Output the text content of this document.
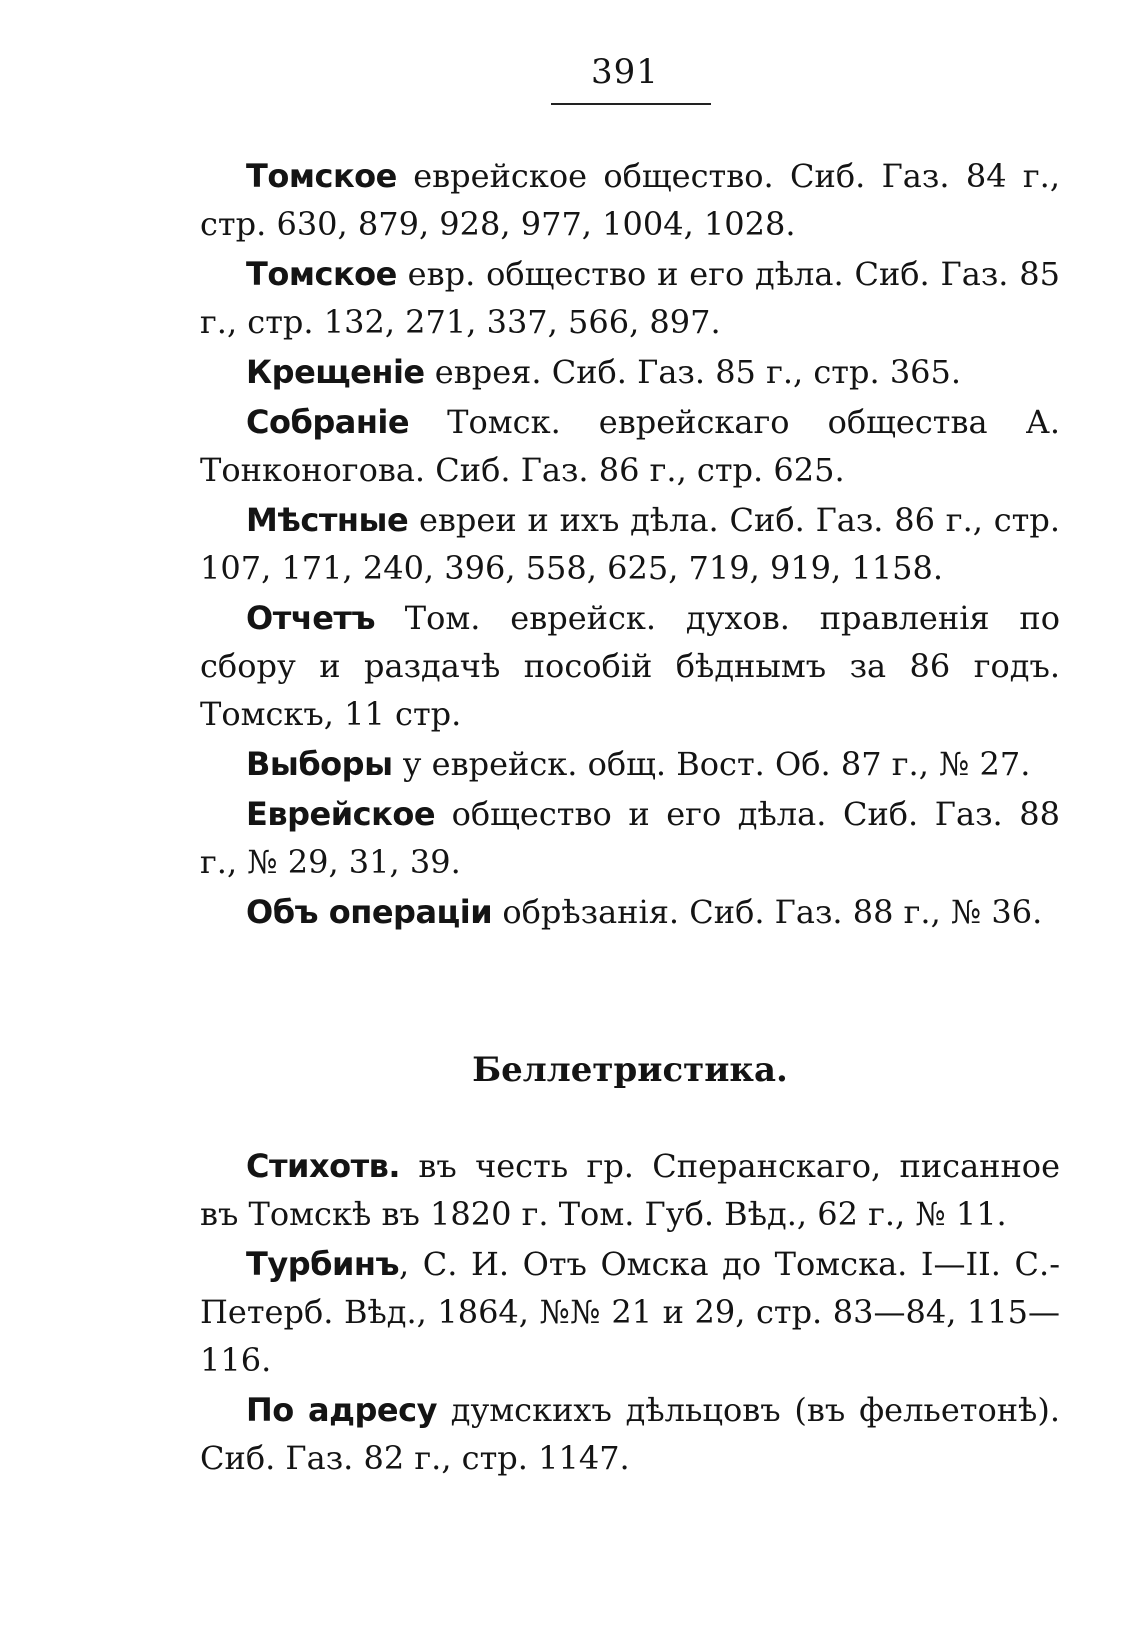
391

Томское еврейское общество. Сиб. Газ. 84 г., стр. 630, 879, 928, 977, 1004, 1028.

Томское евр. общество и его дѣла. Сиб. Газ. 85 г., стр. 132, 271, 337, 566, 897.

Крещеніе еврея. Сиб. Газ. 85 г., стр. 365.

Собраніе Томск. еврейскаго общества А. Тонконогова. Сиб. Газ. 86 г., стр. 625.

Мѣстные евреи и ихъ дѣла. Сиб. Газ. 86 г., стр. 107, 171, 240, 396, 558, 625, 719, 919, 1158.

Отчетъ Том. еврейск. духов. правленія по сбору и раздачѣ пособій бѣднымъ за 86 годъ. Томскъ, 11 стр.

Выборы у еврейск. общ. Вост. Об. 87 г., № 27.

Еврейское общество и его дѣла. Сиб. Газ. 88 г., № 29, 31, 39.

Объ операціи обрѣзанія. Сиб. Газ. 88 г., № 36.

Беллетристика.

Стихотв. въ честь гр. Сперанскаго, писанное въ Томскѣ въ 1820 г. Том. Губ. Вѣд., 62 г., № 11.

Турбинъ, С. И. Отъ Омска до Томска. I—II. С.-Петерб. Вѣд., 1864, №№ 21 и 29, стр. 83—84, 115—116.

По адресу думскихъ дѣльцовъ (въ фельетонѣ). Сиб. Газ. 82 г., стр. 1147.
